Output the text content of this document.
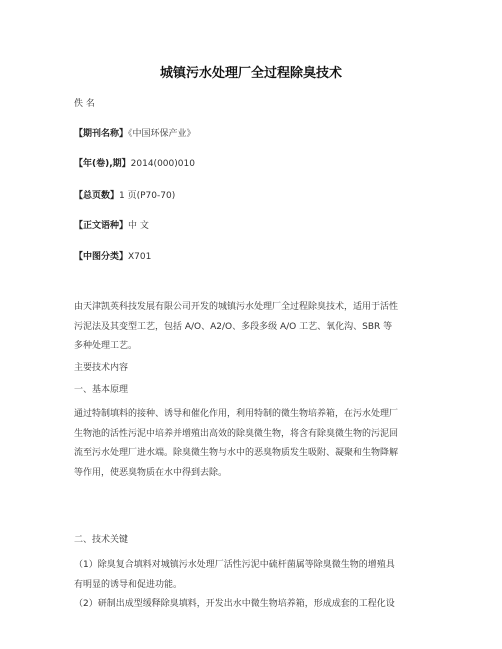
城镇污水处理厂全过程除臭技术
佚 名
【期刊名称】《中国环保产业》
【年(卷),期】2014(000)010
【总页数】1 页(P70-70)
【正文语种】中 文
【中图分类】X701
由天津凯英科技发展有限公司开发的城镇污水处理厂全过程除臭技术，适用于活性
污泥法及其变型工艺，包括 A/O、A2/O、多段多级 A/O 工艺、氧化沟、SBR 等
多种处理工艺。
主要技术内容
一、基本原理
通过特制填料的接种、诱导和催化作用，利用特制的微生物培养箱，在污水处理厂
生物池的活性污泥中培养并增殖出高效的除臭微生物，将含有除臭微生物的污泥回
流至污水处理厂进水端。除臭微生物与水中的恶臭物质发生吸附、凝聚和生物降解
等作用，使恶臭物质在水中得到去除。
二、技术关键
（1）除臭复合填料对城镇污水处理厂活性污泥中硫杆菌属等除臭微生物的增殖具
有明显的诱导和促进功能。
（2）研制出成型缓释除臭填料，开发出水中微生物培养箱，形成成套的工程化设
